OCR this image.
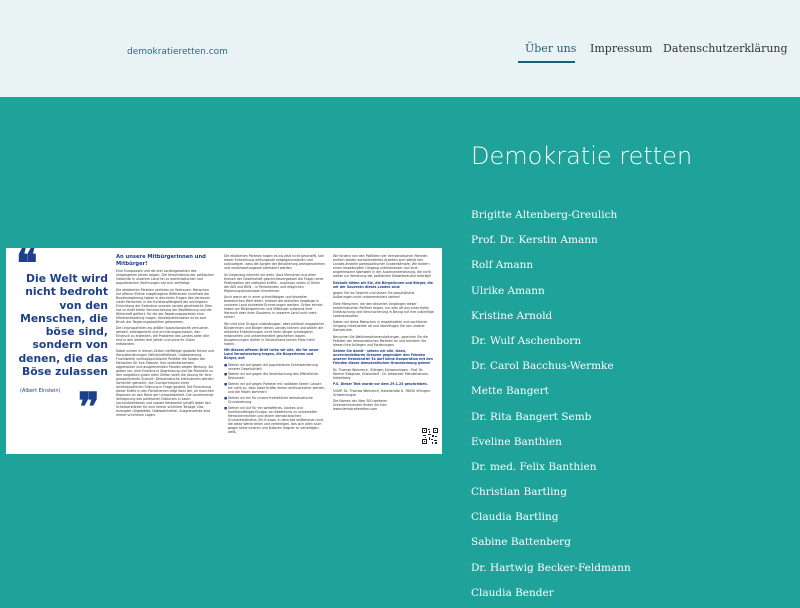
demokratieretten.com	Über uns Impressum Datenschutzerklärung
❝
Die Welt wird nicht bedroht von den Menschen, die böse sind, sondern von denen, die das Böse zulassen
(Albert Einstein) ❞
An unsere Mitbürgerinnen und Mitbürger!

Eine Europawahl und die drei Landtagswahlen des vergangenen Jahres zeigen: Die Verschiebung der politischen Gewichte in unserem Land hin zu extremistischen und populistischen Strömungen hat sich verfestigt.

Die etablierten Parteien verlieren an Vertrauen. Menschen auf offener Bühne ausgetragene Differenzen innerhalb der Bundesregierung haben in denvielen Fragen das Vertrauen vieler Menschen in die Funktionsfähigkeit der wichtigsten Einrichtung der Exekutive unseres Landes geschwächt. Dies hat zu einer tiefen Verunsicherung der Bevölkerung und der Wirtschaft geführt, für die der Regierungsparteien eine Mitverantwortung tragen. Konsequenterweise ist es zum Bruch der Regierungskoalition gekommen.

Die Unionsparteien als größte Oppositionskraft versuchen derweil, selbstgerecht und erinnerungsschwach, den Eindruck zu erwecken, die Probleme des Landes seien alle erst in den letzten drei Jahren und ohne ihr Zutun entstanden.

Dabei nutzen in diesen Zeiten vielfältiger globaler Krisen und Herausforderungen (Wirtschaftsflaute, Globalisierung, Fluchtwelle) rechtspopulistische Politiker die Sorgen der Menschen für ihre Zwecke. Ihre vereinfachenden, aggressiven und ausgrenzenden Parolen zeigen Wirkung. Sie geben vor, eine Existenz in Abgrenzung und die Rückkehr zu den vorgeblich guten alten Zeiten seien die Lösung für eine prosperierende Zukunft. Demokratische Institutionen werden lächerlich gemacht, die Grundprinzipien einer rechtsstaatlichen Ordnung in Frage gestellt. Die Einwirkung dieser Kräfte in den Parlamenten trägt dazu bei, an manchen Regionen an den Rand der Unregierbarkeit. Die zunehmende Verlagerung des politischen Diskurses in kaum nachvollziehbaren und soziale Netzwerke schafft dabei den Schallverstärker für eine immer schrillere Tonlage, Das erzeugter Gegeblätte, Halbwahrheiten, Ausgrenzende wird immer schrilleren Lagen.

Die etablierten Parteien haben es bis jetzt nicht geschafft, sich dieser Entwicklung wirkungsvoll entgegenzustellen und aufzuzeigen, dass die Sorgen der Bevölkerung wahrgenommen und verantwortungsvoll adressiert werden.

Im Gegenzug nehmen wir wahr, dass Menschen aus allen Kreisen der Gesellschaft geschichtsvergessen die Folgen einer Partizipation der radikalen Kräfte – expressis verbis in Teilen der AfD und BSW – in Parlamenten und möglichen Regierungsbündnissen hinnehmen.

Auch wenn wir in einer schnelllebigen und bisweilen bedrohlichen Welt leben, müssen die aktuellen Vorgänge in unserem Land dunkelste Erinnerungen wecken. Schon einmal haben wir Mitbürgerinnen und Mitbürger aufgrund ihrer Herkunft oder ihres Glaubens in unserem Land nicht mehr sicher!

Wir sind eine Gruppe unabhängiger, aber politisch engagierter Bürgerinnen und Bürger dieses Landes können und wollen die aktuellen Entwicklungen nicht mehr länger schweigend mitansehen und unkommentiert geschehen lassen. Ausgrenzungen dürfen in Deutschland keinen Platz mehr haben.

Mit diesem offenen Brief rufen wir alle, die für unser Land Verantwortung tragen, die Bürgerinnen und Bürger, auf:

■ Stehen wir auf gegen die populistische Unterwanderung unserer Gesellschaft!

■ Stehen wir auf gegen die Vereinfachung des öffentlichen Diskurses!

■ Stehen wir auf gegen Parteien mit radikalen Ideen! Lassen wir nicht zu, dass diese Kräfte immer einflussreicher werden und die Macht kommen!

■ Stehen wir ein für unsere freiheitliche demokratische Grundordnung.

■ Stehen wir auf für ein weltoffenes, starkes und funktionsfähiges Europa, ein Bekenntnis zu universellen Menschenrechten und einem demokratischen Grundverständnis. Ein Europa, in dem alle willkommen sind, die diese Werte teilen und verteidigen, das sich allen auch gegen seine inneren und äußeren Gegner zu verteidigen weiß.

Wir fordern von den Politikern der demokratischen Parteien endlich wieder sachorientiertes Arbeiten zum Wohle des Landes anstelle parteipolitischer Grabenkämpfe. Wir fordern einen respektvollen Umgang untereinander und eine angemessene Wortwahl in der Auseinandersetzung, die nicht weiter zur Verrohung der politischen Debattenkultur beiträgt!

Deshalb bitten wir Sie, die Bürgerinnen und Bürger, die wir der Souverän dieses Landes sind:

gegen Sie ins Gewicht und lassen Sie populistische Äußerungen nicht unkommentiert stehen!

Viele Menschen, die den aktuellen Vorgängen dieser extremistischen Politiker folgen, tun dies oft aus einer tiefen Enttäuschung und Verunsicherung in Bezug auf ihre zukünftige Lebenssituation.

Haben wir diese Menschen in respektvollen und sachlichen Umgang miteinander ab und überzeugen Sie von unserer Demokratie.

Besuchen Sie Wahlkampfveranstaltungen, sprechen Sie die Politiker der demokratischen Parteien an und schildern Sie diesen Ihre Anliegen und Forderungen.

Setzen Sie damit - setzen wir alle, lösen, unverrandelbaren Grenzen gegenüber den Feinden unserer Demokratie! Es darf keine Kooperation mit den Feinden dieser demokratischen Grundordnung geben!

Dr. Thomas Weinreich, Villingen-Schwenningen · Prof. Dr. Werner Klöpphas, Düsseldorf · Dr. Alexander Mendelhausen, Heidelberg

P.S. Dieser Text wurde vor dem 29.1.25 geschrieben.

ViSdP: Dr. Thomas Weinreich, Haselstraße 8, 78050 Villingen-Schwenningen

Die Namen der über 300 weiteren Unterzeichnenden finden Sie hier: www.demokratieretten.com

Demokratie retten
Brigitte Altenberg-Greulich
Prof. Dr. Kerstin Amann
Rolf Amann
Ulrike Amann
Kristine Arnold
Dr. Wulf Aschenborn
Dr. Carol Bacchus-Wermke
Mette Bangert
Dr. Rita Bangert Semb
Eveline Banthien
Dr. med. Felix Banthien
Christian Bartling
Claudia Bartling
Sabine Battenberg
Dr. Hartwig Becker-Feldmann
Claudia Bender
